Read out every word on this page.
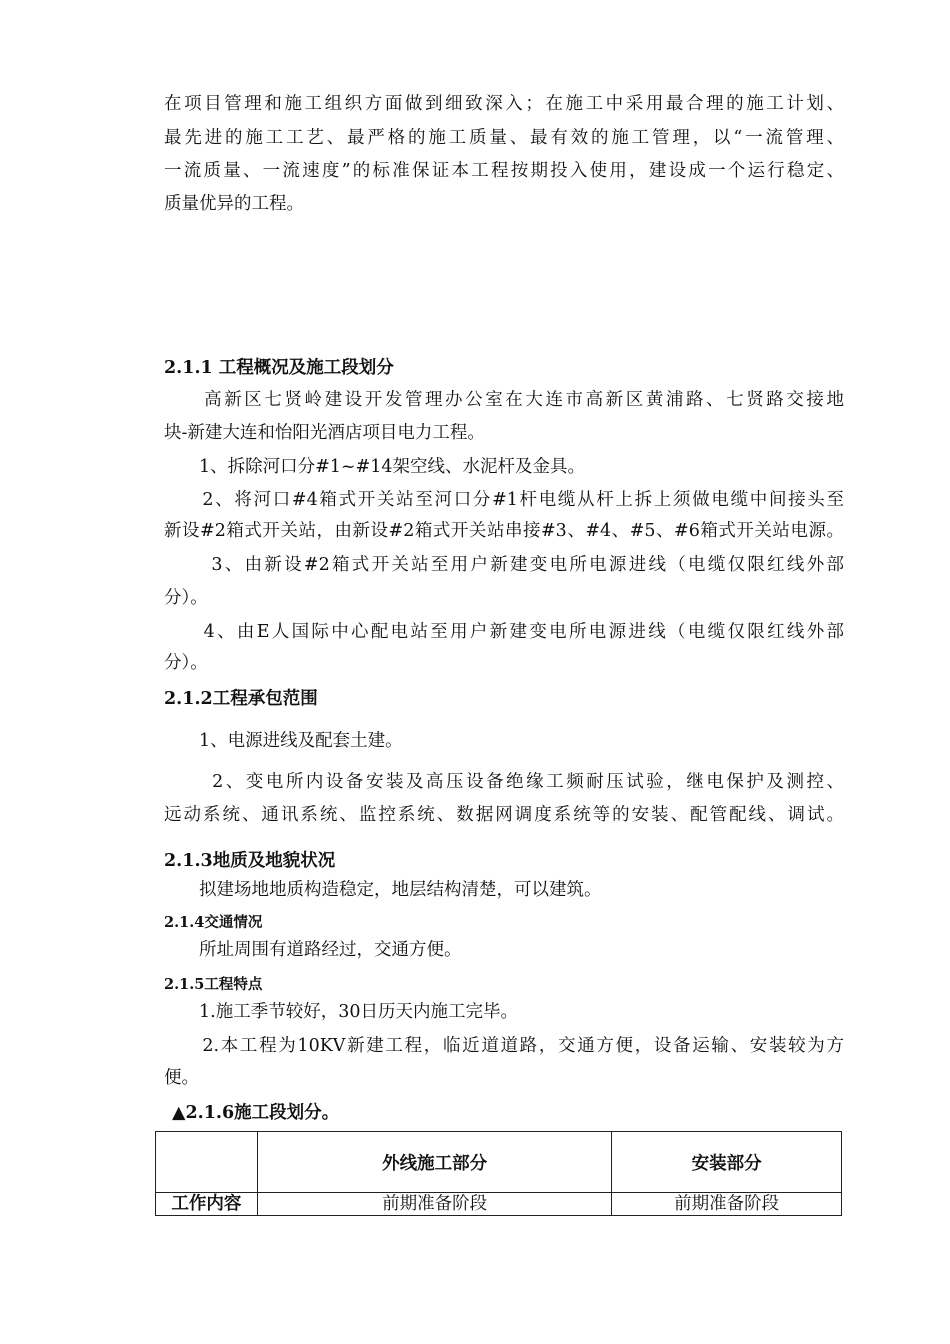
在项目管理和施工组织方面做到细致深入；在施工中采用最合理的施工计划、
最先进的施工工艺、最严格的施工质量、最有效的施工管理，以“一流管理、
一流质量、一流速度”的标准保证本工程按期投入使用，建设成一个运行稳定、
质量优异的工程。
2.1.1 工程概况及施工段划分
　　高新区七贤岭建设开发管理办公室在大连市高新区黄浦路、七贤路交接地
块-新建大连和怡阳光酒店项目电力工程。
　　1、拆除河口分#1~#14架空线、水泥杆及金具。
　　2、将河口#4箱式开关站至河口分#1杆电缆从杆上拆上须做电缆中间接头至
新设#2箱式开关站，由新设#2箱式开关站串接#3、#4、#5、#6箱式开关站电源。
　　 3、由新设#2箱式开关站至用户新建变电所电源进线（电缆仅限红线外部
分）。
　　4、由E人国际中心配电站至用户新建变电所电源进线（电缆仅限红线外部
分）。
2.1.2工程承包范围
　　1、电源进线及配套土建。
　　 2、变电所内设备安装及高压设备绝缘工频耐压试验，继电保护及测控、
远动系统、通讯系统、监控系统、数据网调度系统等的安装、配管配线、调试。
2.1.3地质及地貌状况
　　拟建场地地质构造稳定，地层结构清楚，可以建筑。
2.1.4交通情况
　　所址周围有道路经过，交通方便。
2.1.5工程特点
　　1.施工季节较好，30日历天内施工完毕。
　　2.本工程为10KV新建工程，临近道道路，交通方便，设备运输、安装较为方
便。
▲2.1.6施工段划分。
	外线施工部分	安装部分
工作内容	前期准备阶段	前期准备阶段
